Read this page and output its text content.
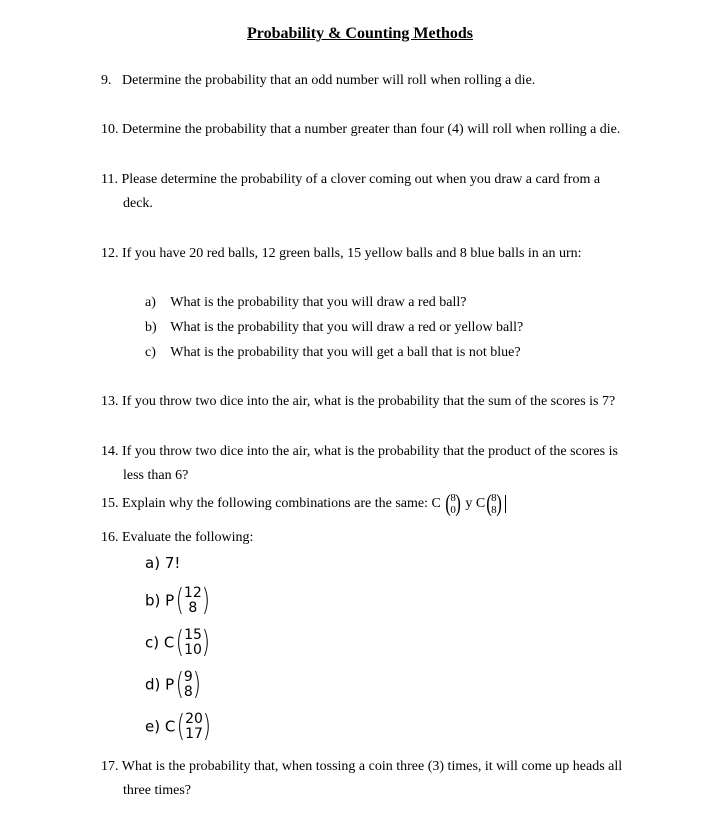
Probability & Counting Methods
9. Determine the probability that an odd number will roll when rolling a die.
10. Determine the probability that a number greater than four (4) will roll when rolling a die.
11. Please determine the probability of a clover coming out when you draw a card from a
deck.
12. If you have 20 red balls, 12 green balls, 15 yellow balls and 8 blue balls in an urn:
a) What is the probability that you will draw a red ball?
b) What is the probability that you will draw a red or yellow ball?
c) What is the probability that you will get a ball that is not blue?
13. If you throw two dice into the air, what is the probability that the sum of the scores is 7?
14. If you throw two dice into the air, what is the probability that the product of the scores is
less than 6?
15. Explain why the following combinations are the same: C ( 8
0 ) y C ( 8
8 )
16. Evaluate the following:
a) 7!
b) P ( 12
8 )
c) C ( 15
10 )
d) P ( 9
8 )
e) C ( 20
17 )
17. What is the probability that, when tossing a coin three (3) times, it will come up heads all
three times?
